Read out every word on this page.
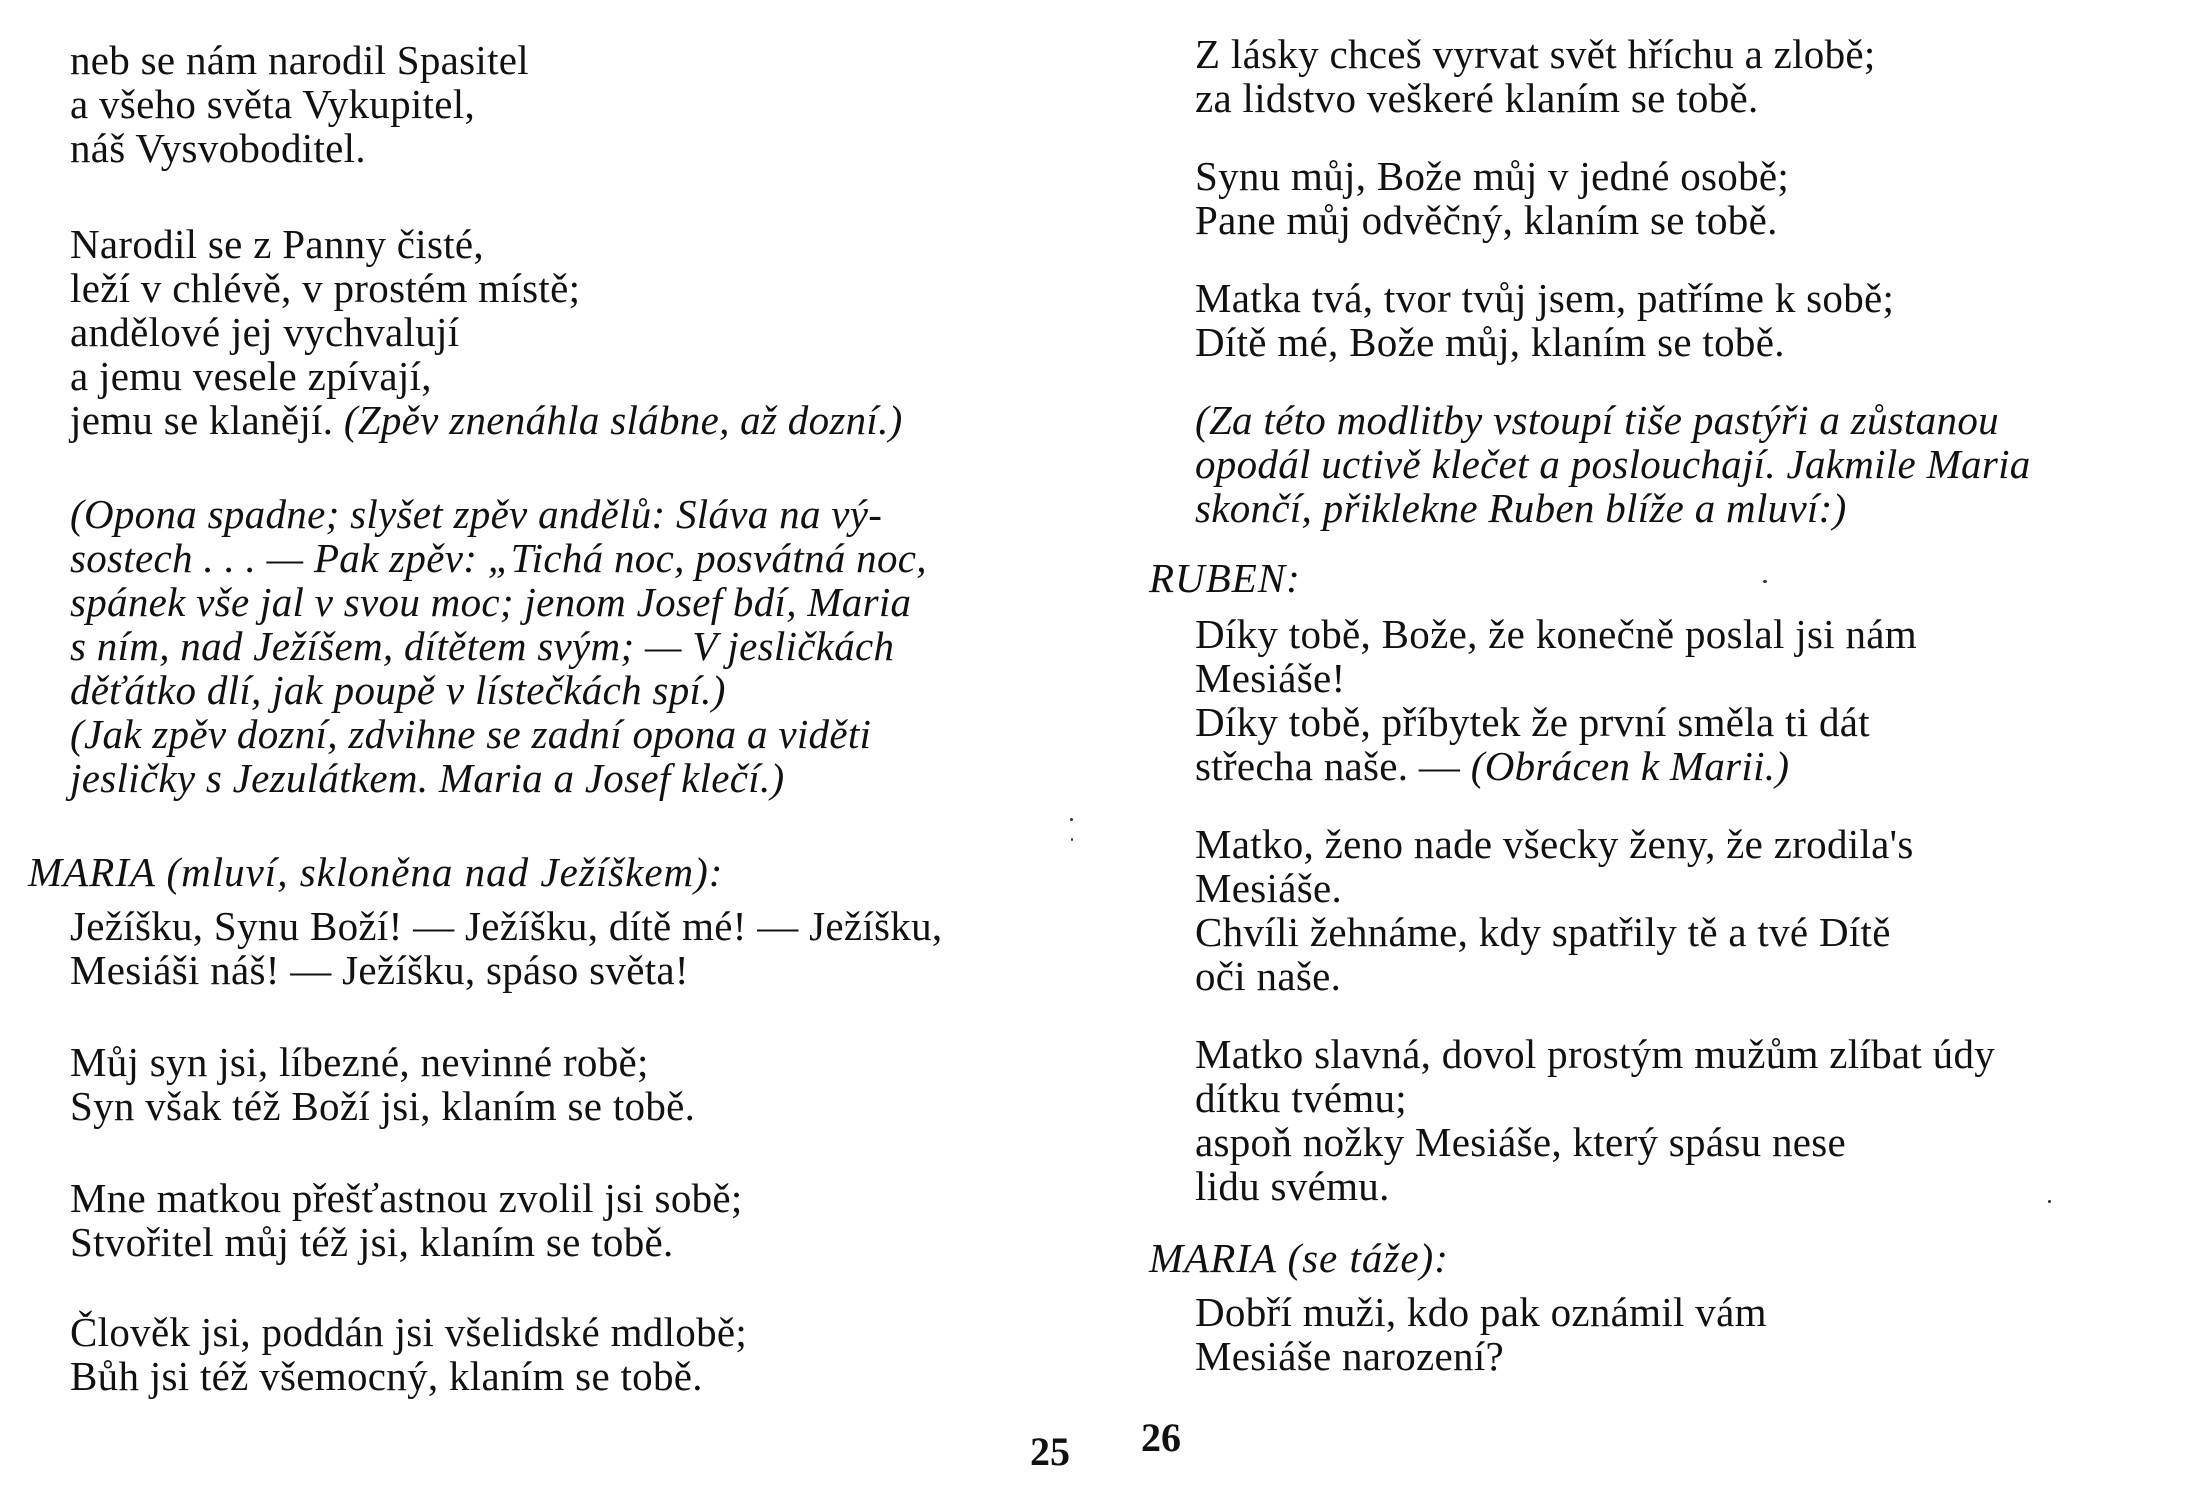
neb se nám narodil Spasitel
a všeho světa Vykupitel,
náš Vysvoboditel.
Narodil se z Panny čisté,
leží v chlévě, v prostém místě;
andělové jej vychvalují
a jemu vesele zpívají,
jemu se klanějí. (Zpěv znenáhla slábne, až dozní.)
(Opona spadne; slyšet zpěv andělů: Sláva na vý-
sostech . . . — Pak zpěv: „Tichá noc, posvátná noc,
spánek vše jal v svou moc; jenom Josef bdí, Maria
s ním, nad Ježíšem, dítětem svým; — V jesličkách
děťátko dlí, jak poupě v lístečkách spí.)
(Jak zpěv dozní, zdvihne se zadní opona a viděti
jesličky s Jezulátkem. Maria a Josef klečí.)
MARIA (mluví, skloněna nad Ježíškem):
Ježíšku, Synu Boží! — Ježíšku, dítě mé! — Ježíšku,
Mesiáši náš! — Ježíšku, spáso světa!
Můj syn jsi, líbezné, nevinné robě;
Syn však též Boží jsi, klaním se tobě.
Mne matkou přešťastnou zvolil jsi sobě;
Stvořitel můj též jsi, klaním se tobě.
Člověk jsi, poddán jsi všelidské mdlobě;
Bůh jsi též všemocný, klaním se tobě.
25
Z lásky chceš vyrvat svět hříchu a zlobě;
za lidstvo veškeré klaním se tobě.
Synu můj, Bože můj v jedné osobě;
Pane můj odvěčný, klaním se tobě.
Matka tvá, tvor tvůj jsem, patříme k sobě;
Dítě mé, Bože můj, klaním se tobě.
(Za této modlitby vstoupí tiše pastýři a zůstanou
opodál uctivě klečet a poslouchají. Jakmile Maria
skončí, přiklekne Ruben blíže a mluví:)
RUBEN:
Díky tobě, Bože, že konečně poslal jsi nám
Mesiáše!
Díky tobě, příbytek že první směla ti dát
střecha naše. — (Obrácen k Marii.)
Matko, ženo nade všecky ženy, že zrodila's
Mesiáše.
Chvíli žehnáme, kdy spatřily tě a tvé Dítě
oči naše.
Matko slavná, dovol prostým mužům zlíbat údy
dítku tvému;
aspoň nožky Mesiáše, který spásu nese
lidu svému.
MARIA (se táže):
Dobří muži, kdo pak oznámil vám
Mesiáše narození?
26
